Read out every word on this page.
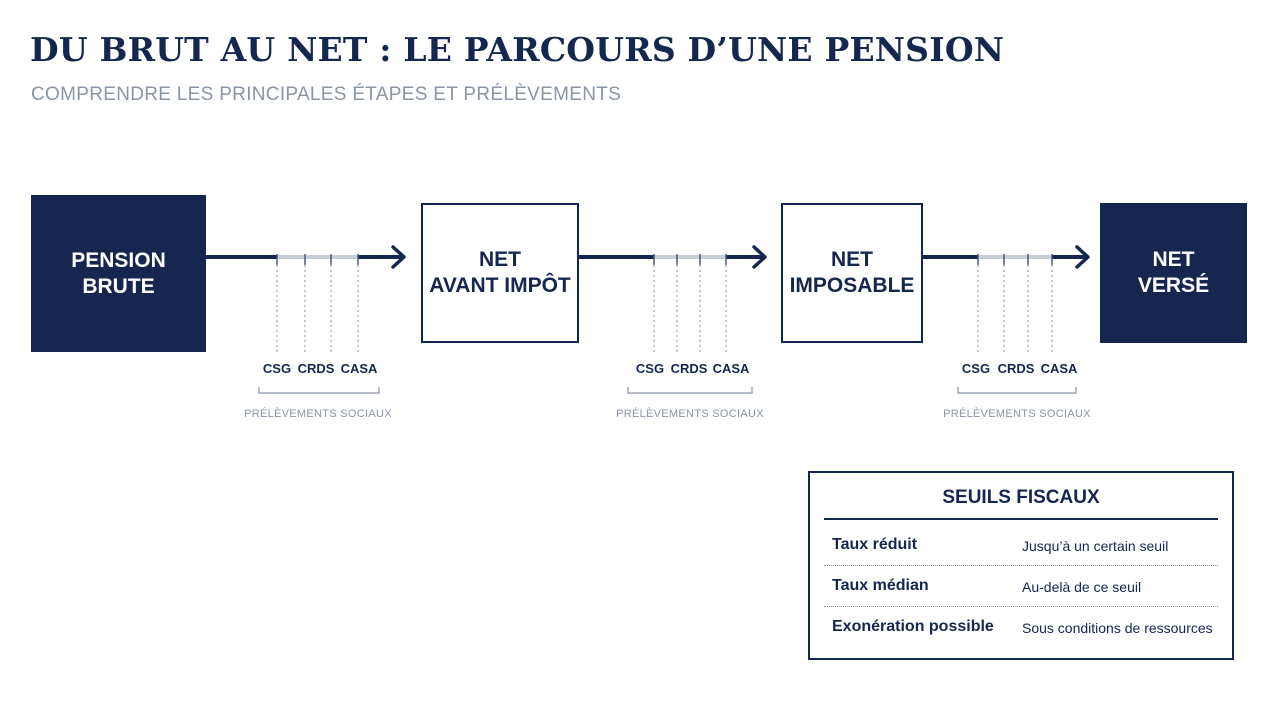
DU BRUT AU NET : LE PARCOURS D’UNE PENSION
COMPRENDRE LES PRINCIPALES ÉTAPES ET PRÉLÈVEMENTS
PENSION
BRUTE
NET
AVANT IMPÔT
NET
IMPOSABLE
NET
VERSÉ
CSG CRDS CASA
PRÉLÈVEMENTS SOCIAUX
CSG CRDS CASA
PRÉLÈVEMENTS SOCIAUX
CSG CRDS CASA
PRÉLÈVEMENTS SOCIAUX
SEUILS FISCAUX
Taux réduit	Jusqu’à un certain seuil
Taux médian	Au-delà de ce seuil
Exonération possible Sous conditions de ressources
